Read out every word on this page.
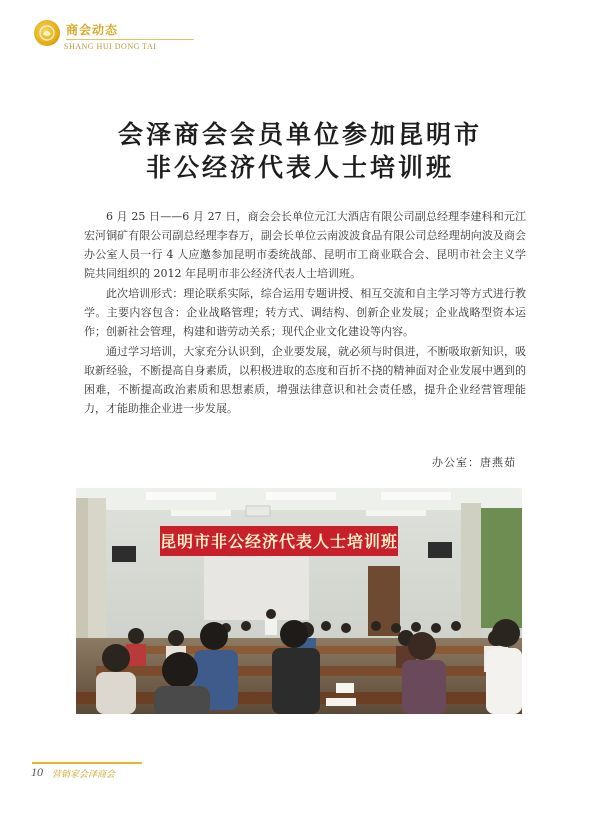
商会动态
SHANG HUI DONG TAI
会泽商会会员单位参加昆明市
非公经济代表人士培训班

6 月 25 日——6 月 27 日，商会会长单位元江大酒店有限公司副总经理李建科和元江宏河铜矿有限公司副总经理李春万，副会长单位云南波波食品有限公司总经理胡向波及商会办公室人员一行 4 人应邀参加昆明市委统战部、昆明市工商业联合会、昆明市社会主义学院共同组织的 2012 年昆明市非公经济代表人士培训班。

此次培训形式：理论联系实际，综合运用专题讲授、相互交流和自主学习等方式进行教学。主要内容包含：企业战略管理；转方式、调结构、创新企业发展；企业战略型资本运作；创新社会管理，构建和谐劳动关系；现代企业文化建设等内容。

通过学习培训，大家充分认识到，企业要发展，就必须与时俱进，不断吸取新知识，吸取新经验，不断提高自身素质，以积极进取的态度和百折不挠的精神面对企业发展中遇到的困难，不断提高政治素质和思想素质，增强法律意识和社会责任感，提升企业经营管理能力，才能助推企业进一步发展。

办公室：唐燕茹
昆明市非公经济代表人士培训班
10 营销家会泽商会
